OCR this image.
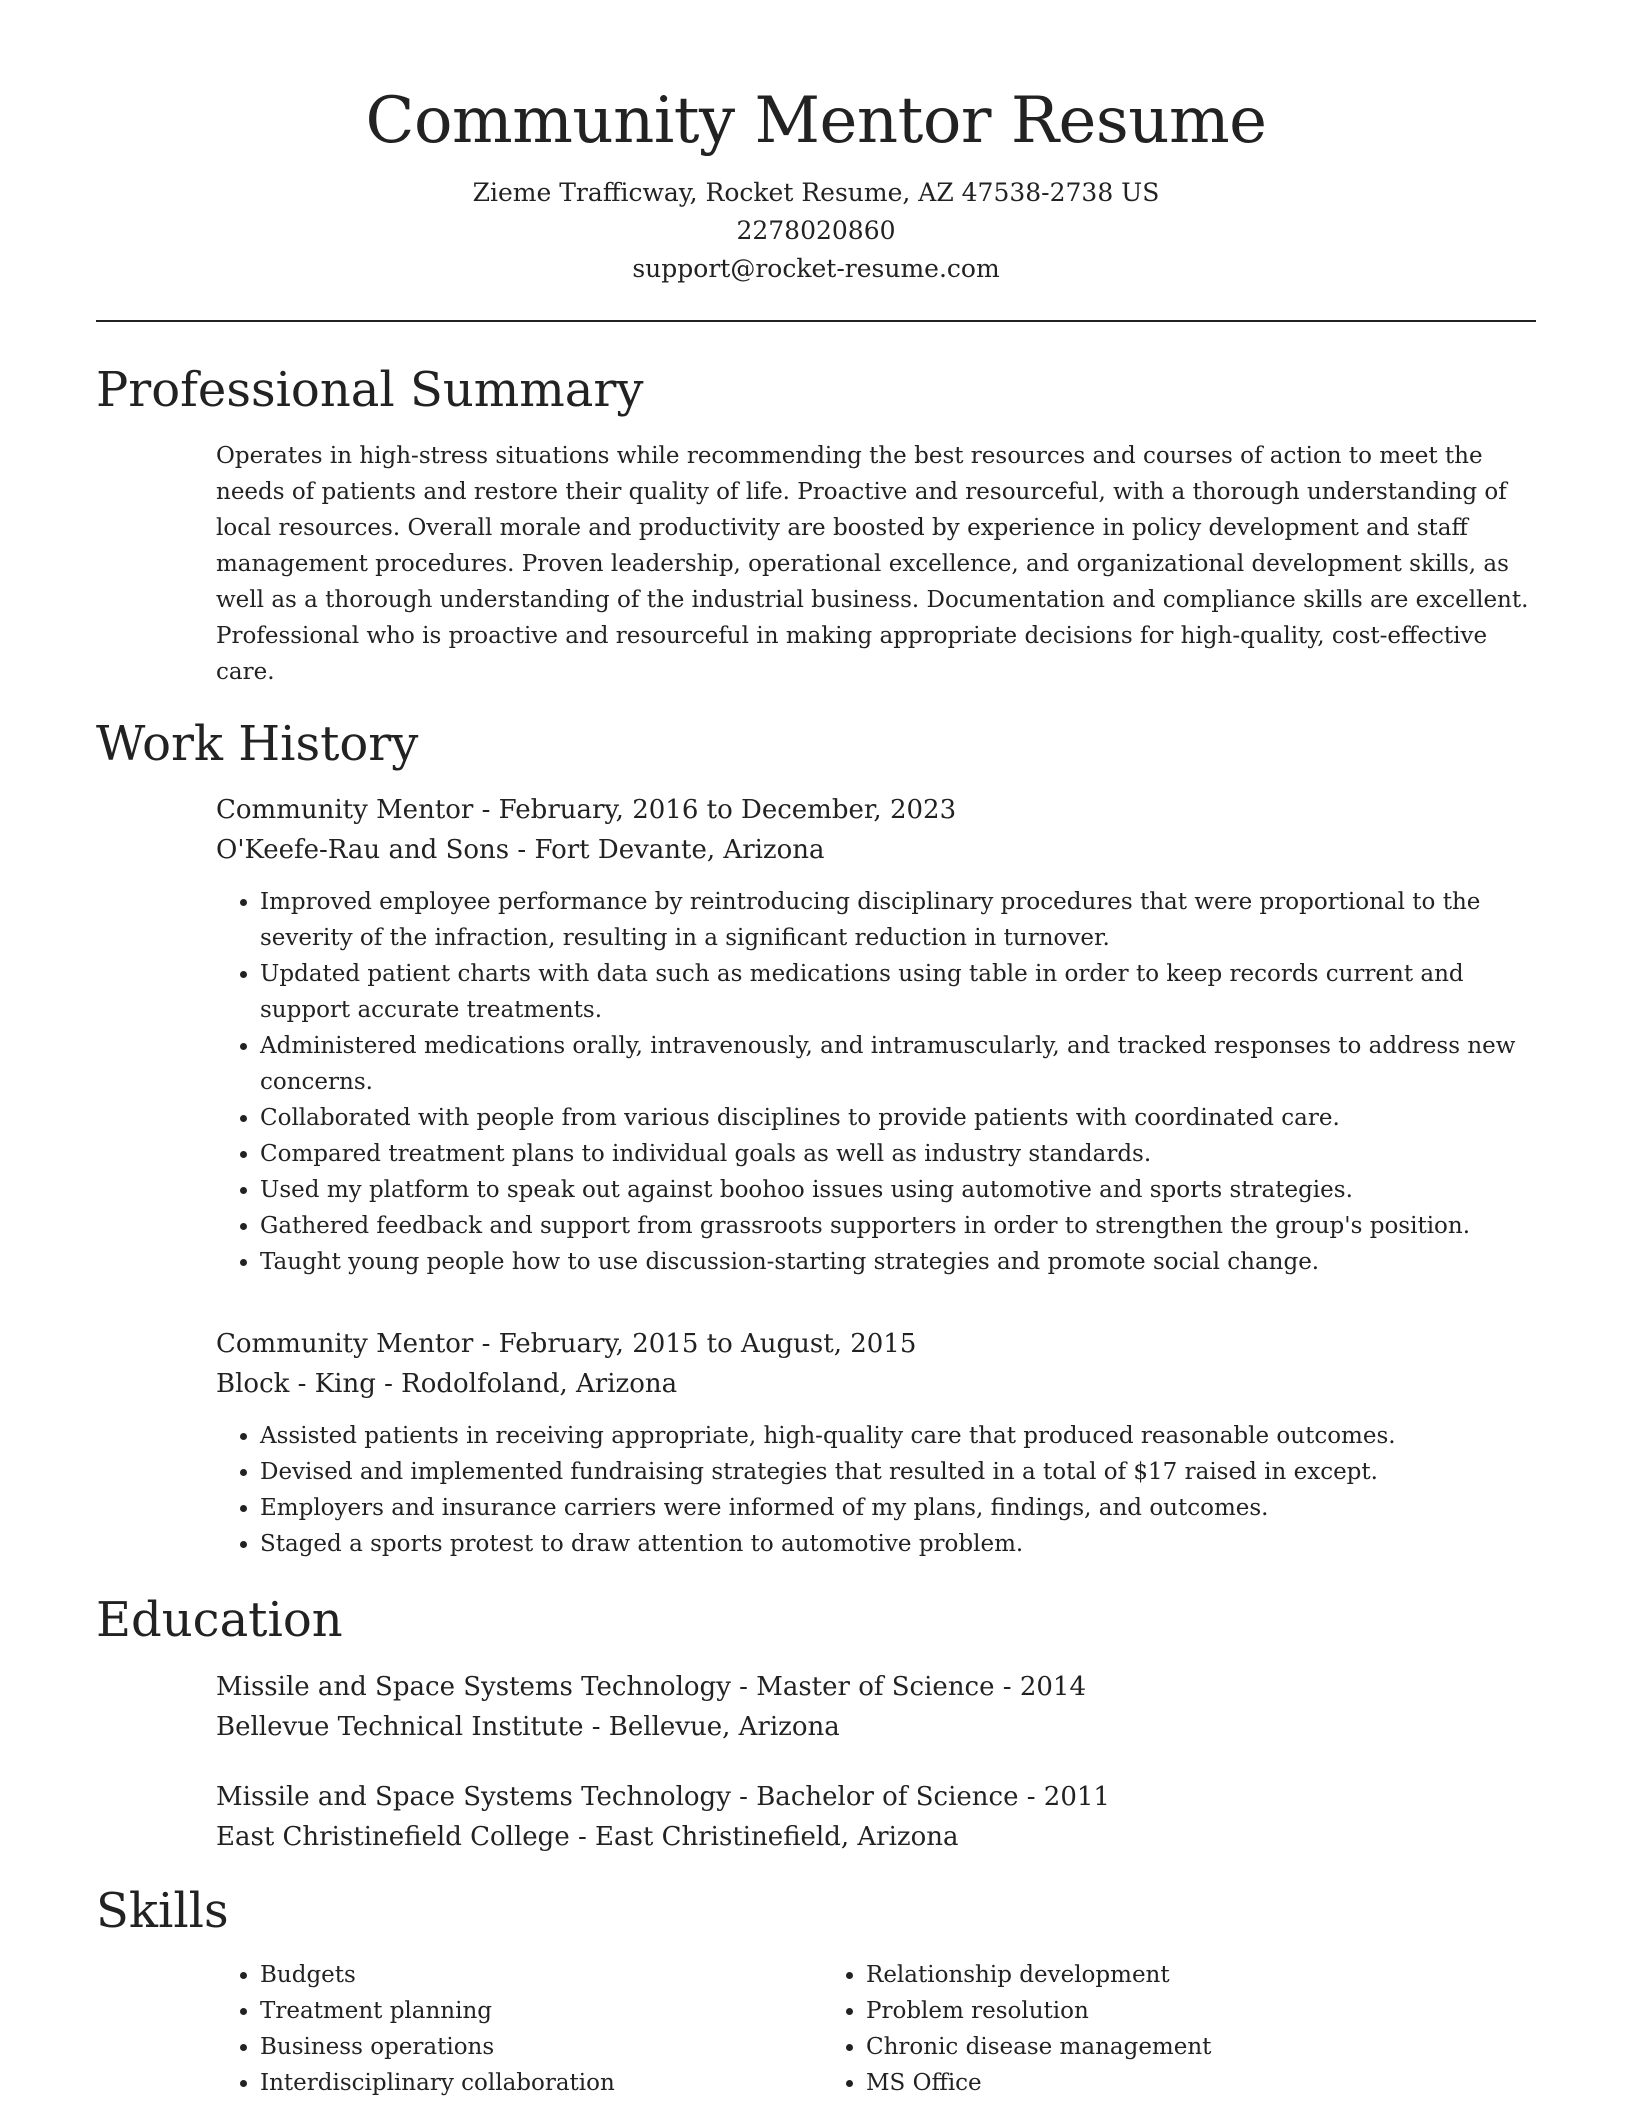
Community Mentor Resume
Zieme Trafficway, Rocket Resume, AZ 47538-2738 US
2278020860
support@rocket-resume.com
Professional Summary
Operates in high-stress situations while recommending the best resources and courses of action to meet the needs of patients and restore their quality of life. Proactive and resourceful, with a thorough understanding of local resources. Overall morale and productivity are boosted by experience in policy development and staff management procedures. Proven leadership, operational excellence, and organizational development skills, as well as a thorough understanding of the industrial business. Documentation and compliance skills are excellent. Professional who is proactive and resourceful in making appropriate decisions for high-quality, cost-effective care.
Work History
Community Mentor - February, 2016 to December, 2023
O'Keefe-Rau and Sons - Fort Devante, Arizona
• Improved employee performance by reintroducing disciplinary procedures that were proportional to the severity of the infraction, resulting in a significant reduction in turnover.
• Updated patient charts with data such as medications using table in order to keep records current and support accurate treatments.
• Administered medications orally, intravenously, and intramuscularly, and tracked responses to address new concerns.
• Collaborated with people from various disciplines to provide patients with coordinated care.
• Compared treatment plans to individual goals as well as industry standards.
• Used my platform to speak out against boohoo issues using automotive and sports strategies.
• Gathered feedback and support from grassroots supporters in order to strengthen the group's position.
• Taught young people how to use discussion-starting strategies and promote social change.
Community Mentor - February, 2015 to August, 2015
Block - King - Rodolfoland, Arizona
• Assisted patients in receiving appropriate, high-quality care that produced reasonable outcomes.
• Devised and implemented fundraising strategies that resulted in a total of $17 raised in except.
• Employers and insurance carriers were informed of my plans, findings, and outcomes.
• Staged a sports protest to draw attention to automotive problem.
Education
Missile and Space Systems Technology - Master of Science - 2014
Bellevue Technical Institute - Bellevue, Arizona
Missile and Space Systems Technology - Bachelor of Science - 2011
East Christinefield College - East Christinefield, Arizona
Skills
• Budgets
• Treatment planning
• Business operations
• Interdisciplinary collaboration
• Relationship development
• Problem resolution
• Chronic disease management
• MS Office
